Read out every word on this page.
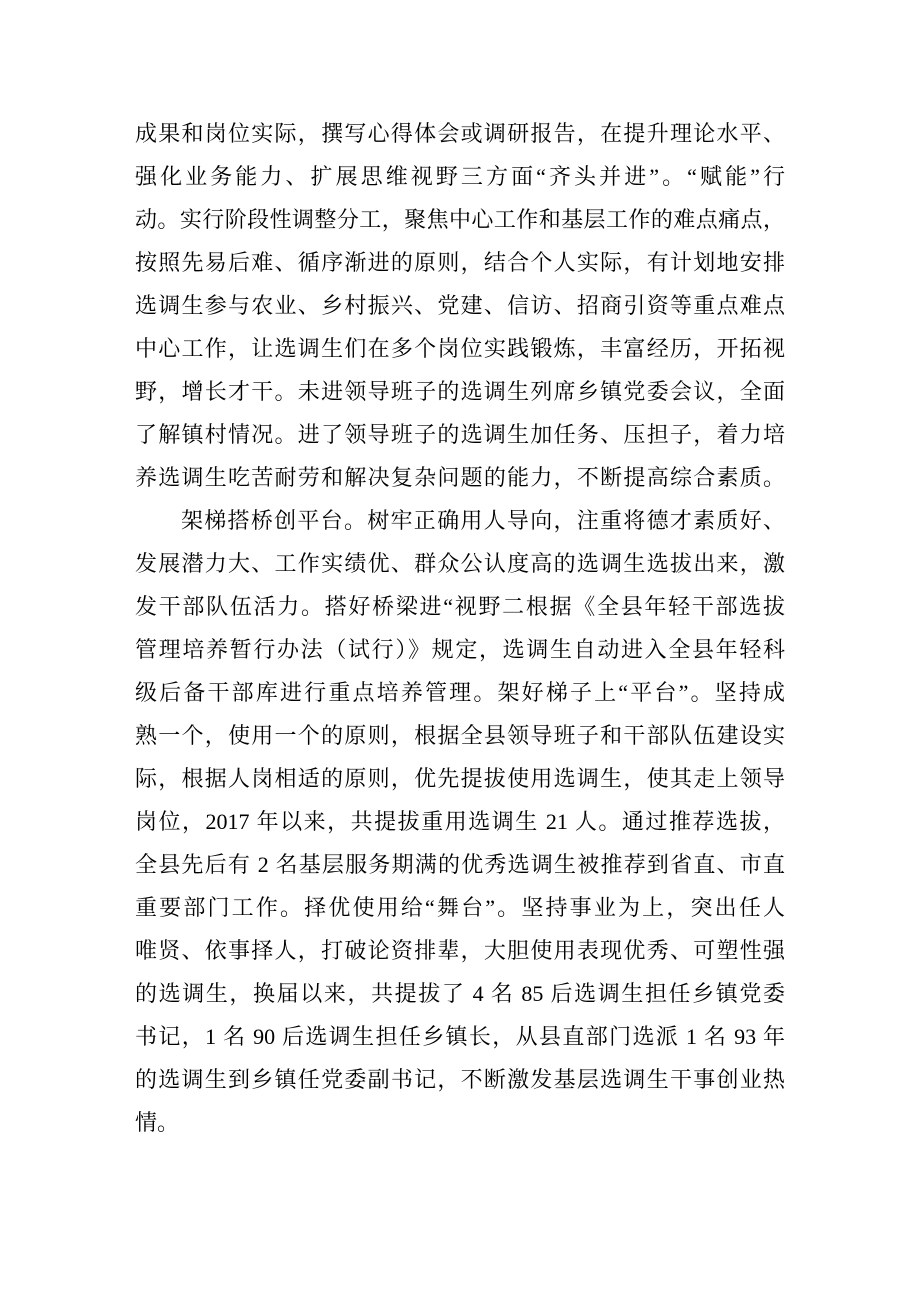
成果和岗位实际，撰写心得体会或调研报告，在提升理论水平、
强化业务能力、扩展思维视野三方面“齐头并进”。“赋能”行
动。实行阶段性调整分工，聚焦中心工作和基层工作的难点痛点，
按照先易后难、循序渐进的原则，结合个人实际，有计划地安排
选调生参与农业、乡村振兴、党建、信访、招商引资等重点难点
中心工作，让选调生们在多个岗位实践锻炼，丰富经历，开拓视
野，增长才干。未进领导班子的选调生列席乡镇党委会议，全面
了解镇村情况。进了领导班子的选调生加任务、压担子，着力培
养选调生吃苦耐劳和解决复杂问题的能力，不断提高综合素质。
架梯搭桥创平台。树牢正确用人导向，注重将德才素质好、
发展潜力大、工作实绩优、群众公认度高的选调生选拔出来，激
发干部队伍活力。搭好桥梁进“视野二根据《全县年轻干部选拔
管理培养暂行办法（试行）》规定，选调生自动进入全县年轻科
级后备干部库进行重点培养管理。架好梯子上“平台”。坚持成
熟一个，使用一个的原则，根据全县领导班子和干部队伍建设实
际，根据人岗相适的原则，优先提拔使用选调生，使其走上领导
岗位，2017 年以来，共提拔重用选调生 21 人。通过推荐选拔，
全县先后有 2 名基层服务期满的优秀选调生被推荐到省直、市直
重要部门工作。择优使用给“舞台”。坚持事业为上，突出任人
唯贤、依事择人，打破论资排辈，大胆使用表现优秀、可塑性强
的选调生，换届以来，共提拔了 4 名 85 后选调生担任乡镇党委
书记，1 名 90 后选调生担任乡镇长，从县直部门选派 1 名 93 年
的选调生到乡镇任党委副书记，不断激发基层选调生干事创业热
情。
